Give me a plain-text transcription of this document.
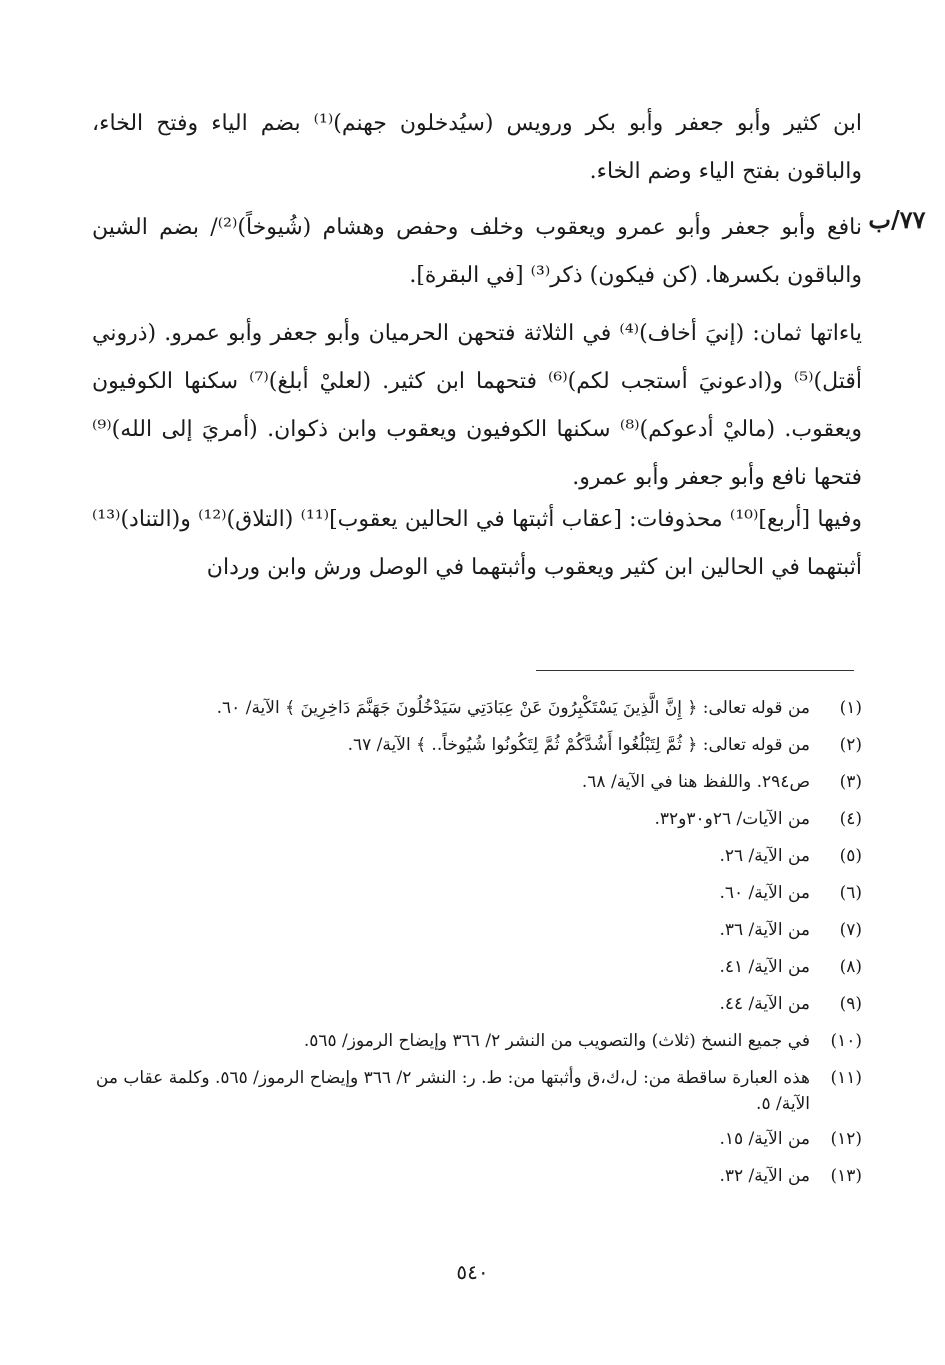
٧٧/ب

ابن كثير وأبو جعفر وأبو بكر ورويس (سيُدخلون جهنم)⁽¹⁾ بضم الياء وفتح الخاء، والباقون بفتح الياء وضم الخاء.

نافع وأبو جعفر وأبو عمرو ويعقوب وخلف وحفص وهشام (شُيوخاً)⁽²⁾/ بضم الشين والباقون بكسرها. (كن فيكون) ذكر⁽³⁾ [في البقرة].

ياءاتها ثمان: (إنيَ أخاف)⁽⁴⁾ في الثلاثة فتحهن الحرميان وأبو جعفر وأبو عمرو. (ذروني أقتل)⁽⁵⁾ و(ادعونيَ أستجب لكم)⁽⁶⁾ فتحهما ابن كثير. (لعليْ أبلغ)⁽⁷⁾ سكنها الكوفيون ويعقوب. (ماليْ أدعوكم)⁽⁸⁾ سكنها الكوفيون ويعقوب وابن ذكوان. (أمريَ إلى الله)⁽⁹⁾ فتحها نافع وأبو جعفر وأبو عمرو.

وفيها [أربع]⁽¹⁰⁾ محذوفات: [عقاب أثبتها في الحالين يعقوب]⁽¹¹⁾ (التلاق)⁽¹²⁾ و(التناد)⁽¹³⁾ أثبتهما في الحالين ابن كثير ويعقوب وأثبتهما في الوصل ورش وابن وردان

(١)
من قوله تعالى: ﴿ إِنَّ الَّذِينَ يَسْتَكْبِرُونَ عَنْ عِبَادَتِي سَيَدْخُلُونَ جَهَنَّمَ دَاخِرِينَ ﴾ الآية/ ٦٠.
(٢)
من قوله تعالى: ﴿ ثُمَّ لِتَبْلُغُوا أَشُدَّكُمْ ثُمَّ لِتَكُونُوا شُيُوخاً.. ﴾ الآية/ ٦٧.
(٣)
ص٢٩٤. واللفظ هنا في الآية/ ٦٨.
(٤)
من الآيات/ ٢٦و٣٠و٣٢.
(٥)
من الآية/ ٢٦.
(٦)
من الآية/ ٦٠.
(٧)
من الآية/ ٣٦.
(٨)
من الآية/ ٤١.
(٩)
من الآية/ ٤٤.
(١٠)
في جميع النسخ (ثلاث) والتصويب من النشر ٢/ ٣٦٦ وإيضاح الرموز/ ٥٦٥.
(١١)
هذه العبارة ساقطة من: ل،ك،ق وأثبتها من: ط. ر: النشر ٢/ ٣٦٦ وإيضاح الرموز/ ٥٦٥. وكلمة عقاب من الآية/ ٥.
(١٢)
من الآية/ ١٥.
(١٣)
من الآية/ ٣٢.
٥٤٠
